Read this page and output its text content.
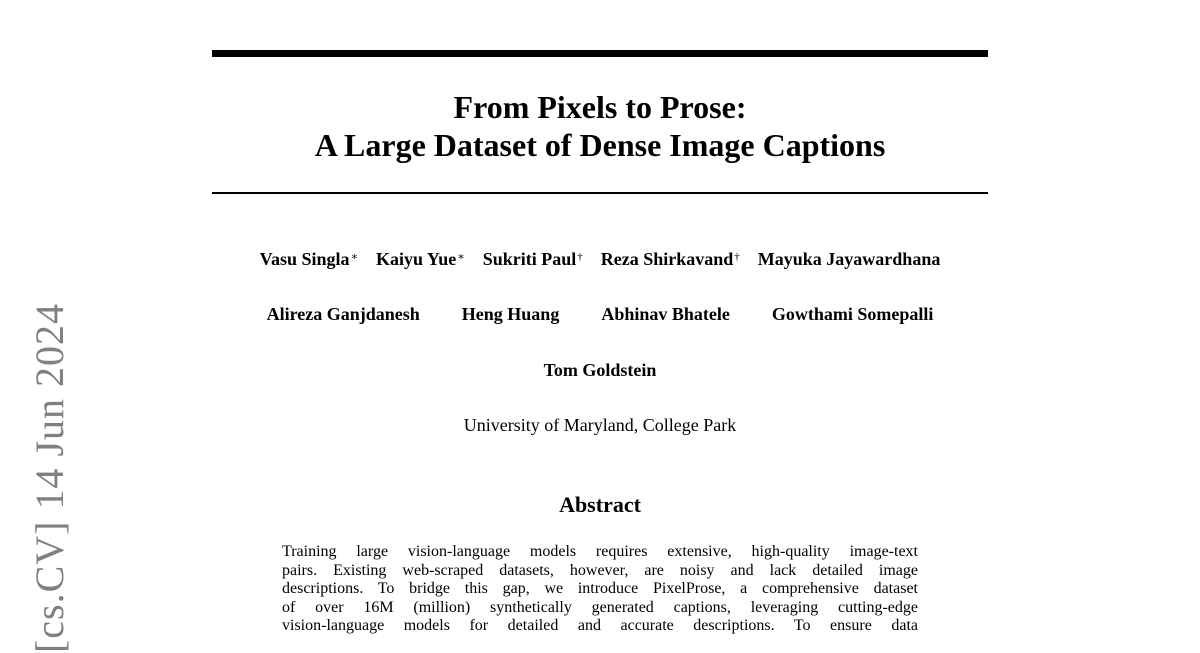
[cs.CV] 14 Jun 2024
From Pixels to Prose:
A Large Dataset of Dense Image Captions
Vasu Singla∗ Kaiyu Yue∗ Sukriti Paul† Reza Shirkavand† Mayuka Jayawardhana
Alireza Ganjdanesh Heng Huang Abhinav Bhatele Gowthami Somepalli
Tom Goldstein
University of Maryland, College Park
Abstract
Training large vision-language models requires extensive, high-quality image-text
pairs. Existing web-scraped datasets, however, are noisy and lack detailed image
descriptions. To bridge this gap, we introduce PixelProse, a comprehensive dataset
of over 16M (million) synthetically generated captions, leveraging cutting-edge
vision-language models for detailed and accurate descriptions. To ensure data
